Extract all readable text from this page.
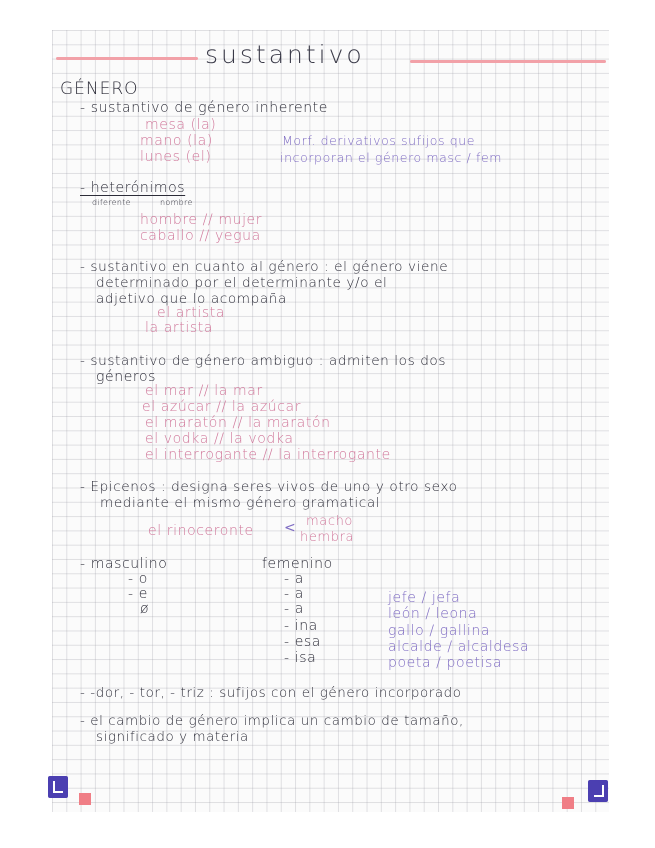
sustantivo
GÉNERO
- sustantivo de género inherente
mesa (la)
mano (la)
lunes (el)
Morf. derivativos sufijos que
incorporan el género masc / fem
- heterónimos
diferente	nombre
hombre // mujer
caballo // yegua
- sustantivo en cuanto al género : el género viene
determinado por el determinante y/o el
adjetivo que lo acompaña
el artista
la artista
- sustantivo de género ambiguo : admiten los dos
géneros
el mar // la mar
el azúcar // la azúcar
el maratón // la maratón
el vodka // la vodka
el interrogante // la interrogante
- Epicenos : designa seres vivos de uno y otro sexo
mediante el mismo género gramatical
el rinoceronte < macho
hembra
- masculino	femenino
- o
- e
ø
- a
- a
- a
- ina
- esa
- isa
jefe / jefa
león / leona
gallo / gallina
alcalde / alcaldesa
poeta / poetisa
- -dor, - tor, - triz : sufijos con el género incorporado
- el cambio de género implica un cambio de tamaño,
significado y materia
